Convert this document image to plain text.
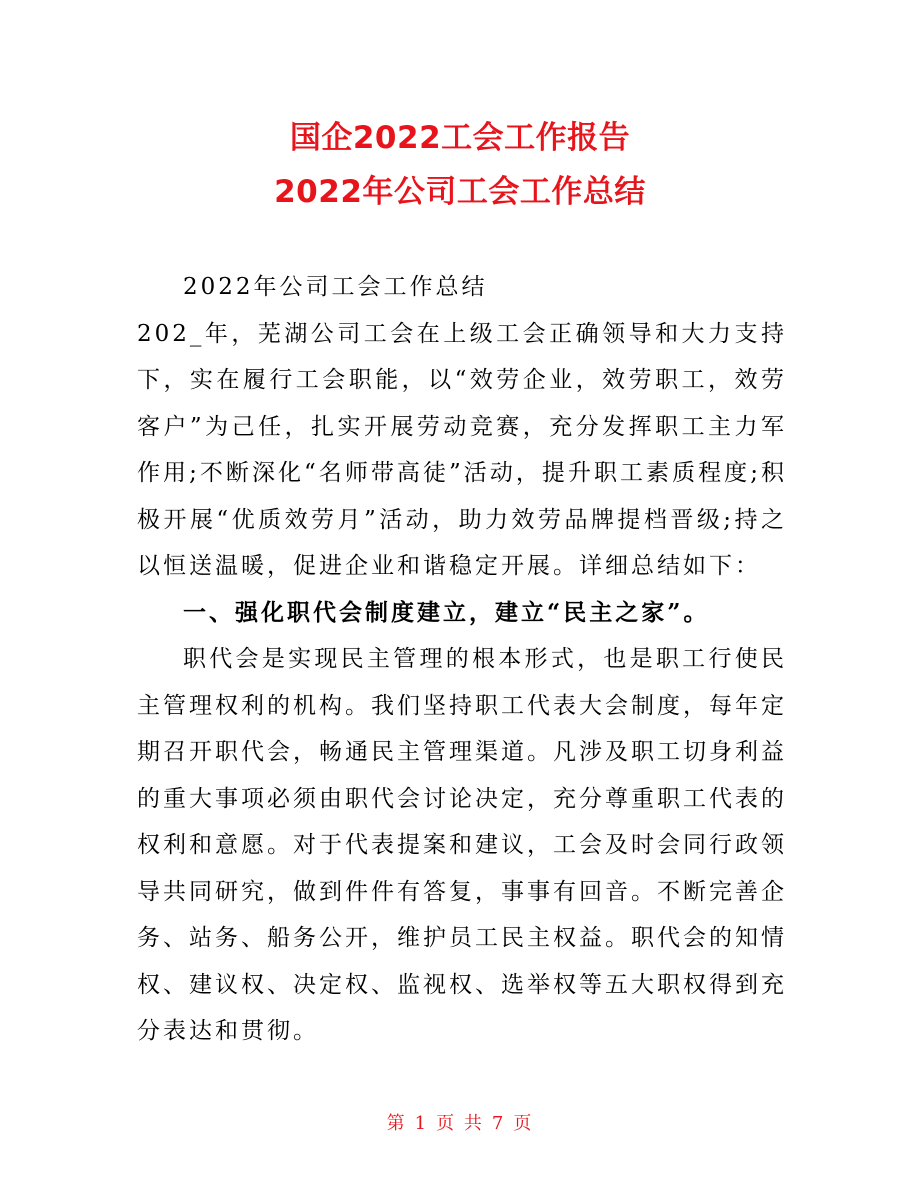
国企2022工会工作报告
2022年公司工会工作总结

2022年公司工会工作总结

202_年，芜湖公司工会在上级工会正确领导和大力支持下，实在履行工会职能，以“效劳企业，效劳职工，效劳客户”为己任，扎实开展劳动竞赛，充分发挥职工主力军作用;不断深化“名师带高徒”活动，提升职工素质程度;积极开展“优质效劳月”活动，助力效劳品牌提档晋级;持之以恒送温暖，促进企业和谐稳定开展。详细总结如下：

一、强化职代会制度建立，建立“民主之家”。

职代会是实现民主管理的根本形式，也是职工行使民主管理权利的机构。我们坚持职工代表大会制度，每年定期召开职代会，畅通民主管理渠道。凡涉及职工切身利益的重大事项必须由职代会讨论决定，充分尊重职工代表的权利和意愿。对于代表提案和建议，工会及时会同行政领导共同研究，做到件件有答复，事事有回音。不断完善企务、站务、船务公开，维护员工民主权益。职代会的知情权、建议权、决定权、监视权、选举权等五大职权得到充分表达和贯彻。

第 1 页 共 7 页
